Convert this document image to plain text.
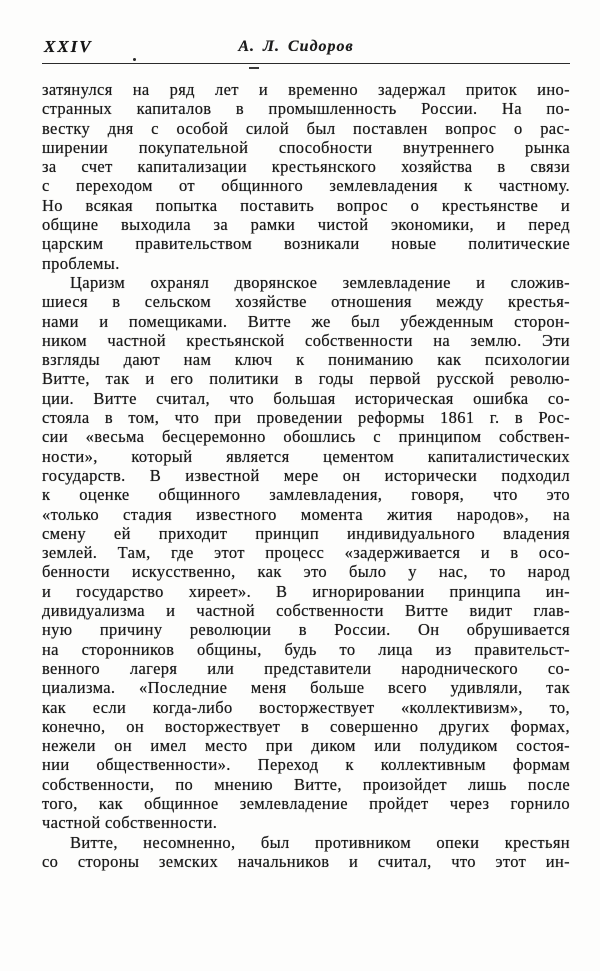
XXIV	А. Л. Сидоров
затянулся на ряд лет и временно задержал приток ино-
странных капиталов в промышленность России. На по-
вестку дня с особой силой был поставлен вопрос о рас-
ширении покупательной способности внутреннего рынка
за счет капитализации крестьянского хозяйства в связи
с переходом от общинного землевладения к частному.
Но всякая попытка поставить вопрос о крестьянстве и
общине выходила за рамки чистой экономики, и перед
царским правительством возникали новые политические
проблемы.
Царизм охранял дворянское землевладение и сложив-
шиеся в сельском хозяйстве отношения между крестья-
нами и помещиками. Витте же был убежденным сторон-
ником частной крестьянской собственности на землю. Эти
взгляды дают нам ключ к пониманию как психологии
Витте, так и его политики в годы первой русской револю-
ции. Витте считал, что большая историческая ошибка со-
стояла в том, что при проведении реформы 1861 г. в Рос-
сии «весьма бесцеремонно обошлись с принципом собствен-
ности», который является цементом капиталистических
государств. В известной мере он исторически подходил
к оценке общинного замлевладения, говоря, что это
«только стадия известного момента жития народов», на
смену ей приходит принцип индивидуального владения
землей. Там, где этот процесс «задерживается и в осо-
бенности искусственно, как это было у нас, то народ
и государство хиреет». В игнорировании принципа ин-
дивидуализма и частной собственности Витте видит глав-
ную причину революции в России. Он обрушивается
на сторонников общины, будь то лица из правительст-
венного лагеря или представители народнического со-
циализма. «Последние меня больше всего удивляли, так
как если когда-либо восторжествует «коллективизм», то,
конечно, он восторжествует в совершенно других формах,
нежели он имел место при диком или полудиком состоя-
нии общественности». Переход к коллективным формам
собственности, по мнению Витте, произойдет лишь после
того, как общинное землевладение пройдет через горнило
частной собственности.
Витте, несомненно, был противником опеки крестьян
со стороны земских начальников и считал, что этот ин-
